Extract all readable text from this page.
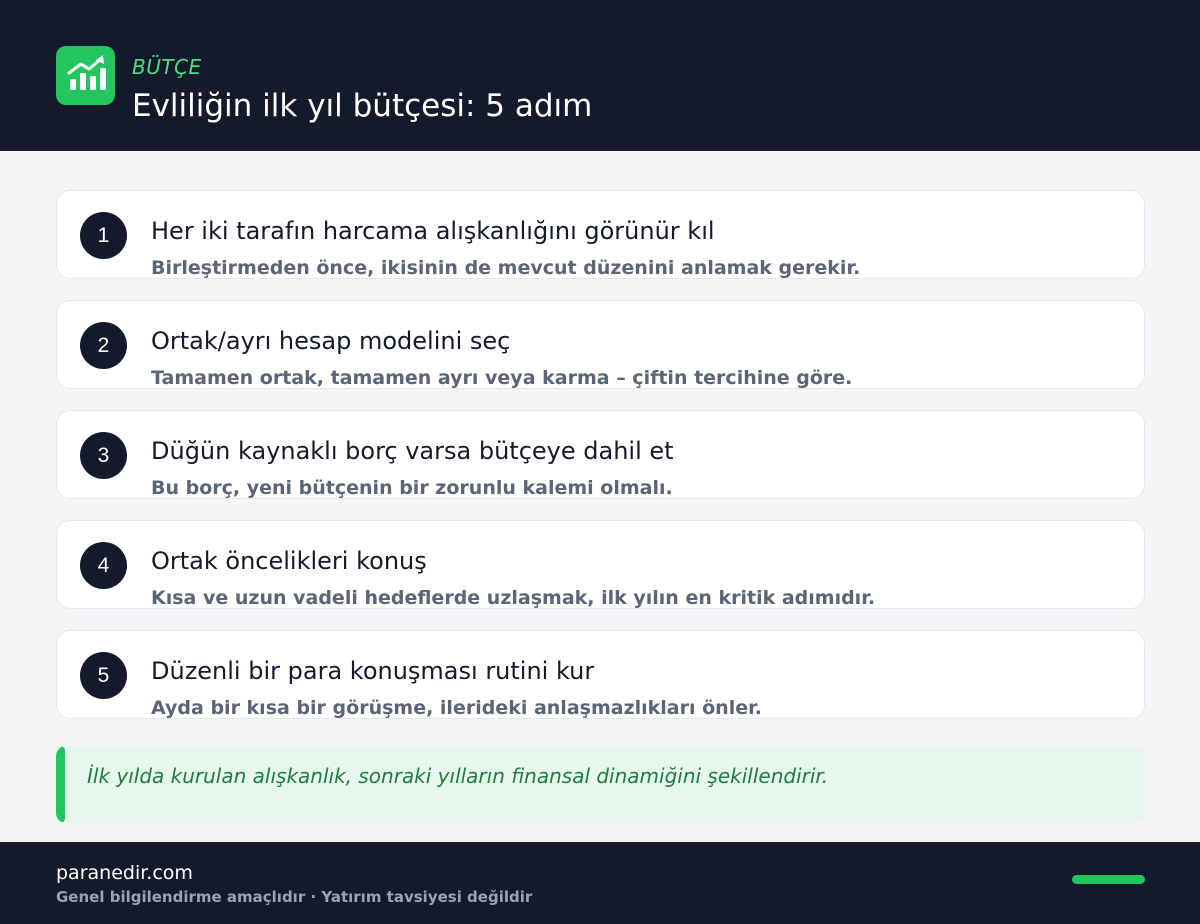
BÜTÇE
Evliliğin ilk yıl bütçesi: 5 adım
1	Her iki tarafın harcama alışkanlığını görünür kıl
Birleştirmeden önce, ikisinin de mevcut düzenini anlamak gerekir.
2	Ortak/ayrı hesap modelini seç
Tamamen ortak, tamamen ayrı veya karma – çiftin tercihine göre.
3	Düğün kaynaklı borç varsa bütçeye dahil et
Bu borç, yeni bütçenin bir zorunlu kalemi olmalı.
4	Ortak öncelikleri konuş
Kısa ve uzun vadeli hedeflerde uzlaşmak, ilk yılın en kritik adımıdır.
5	Düzenli bir para konuşması rutini kur
Ayda bir kısa bir görüşme, ilerideki anlaşmazlıkları önler.
İlk yılda kurulan alışkanlık, sonraki yılların finansal dinamiğini şekillendirir.
paranedir.com
Genel bilgilendirme amaçlıdır · Yatırım tavsiyesi değildir
